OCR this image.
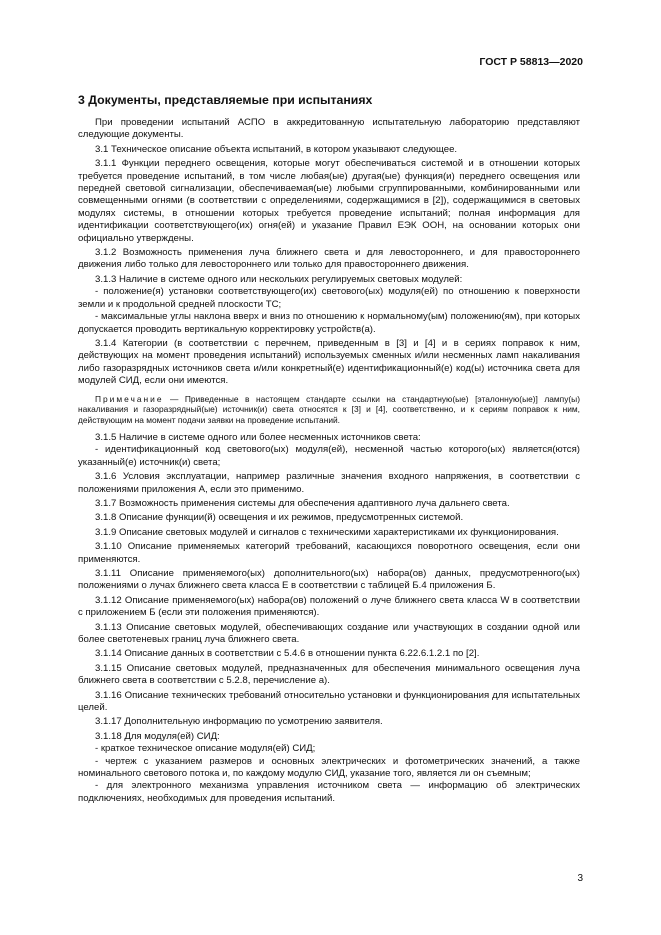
ГОСТ Р 58813—2020
3 Документы, представляемые при испытаниях

При проведении испытаний АСПО в аккредитованную испытательную лабораторию представляют следующие документы.

3.1 Техническое описание объекта испытаний, в котором указывают следующее.

3.1.1 Функции переднего освещения, которые могут обеспечиваться системой и в отношении которых требуется проведение испытаний, в том числе любая(ые) другая(ые) функция(и) переднего освещения или передней световой сигнализации, обеспечиваемая(ые) любыми сгруппированными, комбинированными или совмещенными огнями (в соответствии с определениями, содержащимися в [2]), содержащимися в световых модулях системы, в отношении которых требуется проведение испытаний; полная информация для идентификации соответствующего(их) огня(ей) и указание Правил ЕЭК ООН, на основании которых они официально утверждены.

3.1.2 Возможность применения луча ближнего света и для левостороннего, и для правостороннего движения либо только для левостороннего или только для правостороннего движения.

3.1.3 Наличие в системе одного или нескольких регулируемых световых модулей:

- положение(я) установки соответствующего(их) светового(ых) модуля(ей) по отношению к поверхности земли и к продольной средней плоскости ТС;

- максимальные углы наклона вверх и вниз по отношению к нормальному(ым) положению(ям), при которых допускается проводить вертикальную корректировку устройств(а).

3.1.4 Категории (в соответствии с перечнем, приведенным в [3] и [4] и в сериях поправок к ним, действующих на момент проведения испытаний) используемых сменных и/или несменных ламп накаливания либо газоразрядных источников света и/или конкретный(е) идентификационный(е) код(ы) источника света для модулей СИД, если они имеются.

Примечание — Приведенные в настоящем стандарте ссылки на стандартную(ые) [эталонную(ые)] лампу(ы) накаливания и газоразрядный(ые) источник(и) света относятся к [3] и [4], соответственно, и к сериям поправок к ним, действующим на момент подачи заявки на проведение испытаний.

3.1.5 Наличие в системе одного или более несменных источников света:

- идентификационный код светового(ых) модуля(ей), несменной частью которого(ых) является(ются) указанный(е) источник(и) света;

3.1.6 Условия эксплуатации, например различные значения входного напряжения, в соответствии с положениями приложения А, если это применимо.

3.1.7 Возможность применения системы для обеспечения адаптивного луча дальнего света.

3.1.8 Описание функции(й) освещения и их режимов, предусмотренных системой.

3.1.9 Описание световых модулей и сигналов с техническими характеристиками их функционирования.

3.1.10 Описание применяемых категорий требований, касающихся поворотного освещения, если они применяются.

3.1.11 Описание применяемого(ых) дополнительного(ых) набора(ов) данных, предусмотренного(ых) положениями о лучах ближнего света класса Е в соответствии с таблицей Б.4 приложения Б.

3.1.12 Описание применяемого(ых) набора(ов) положений о луче ближнего света класса W в соответствии с приложением Б (если эти положения применяются).

3.1.13 Описание световых модулей, обеспечивающих создание или участвующих в создании одной или более светотеневых границ луча ближнего света.

3.1.14 Описание данных в соответствии с 5.4.6 в отношении пункта 6.22.6.1.2.1 по [2].

3.1.15 Описание световых модулей, предназначенных для обеспечения минимального освещения луча ближнего света в соответствии с 5.2.8, перечисление а).

3.1.16 Описание технических требований относительно установки и функционирования для испытательных целей.

3.1.17 Дополнительную информацию по усмотрению заявителя.

3.1.18 Для модуля(ей) СИД:

- краткое техническое описание модуля(ей) СИД;

- чертеж с указанием размеров и основных электрических и фотометрических значений, а также номинального светового потока и, по каждому модулю СИД, указание того, является ли он съемным;

- для электронного механизма управления источником света — информацию об электрических подключениях, необходимых для проведения испытаний.

3
